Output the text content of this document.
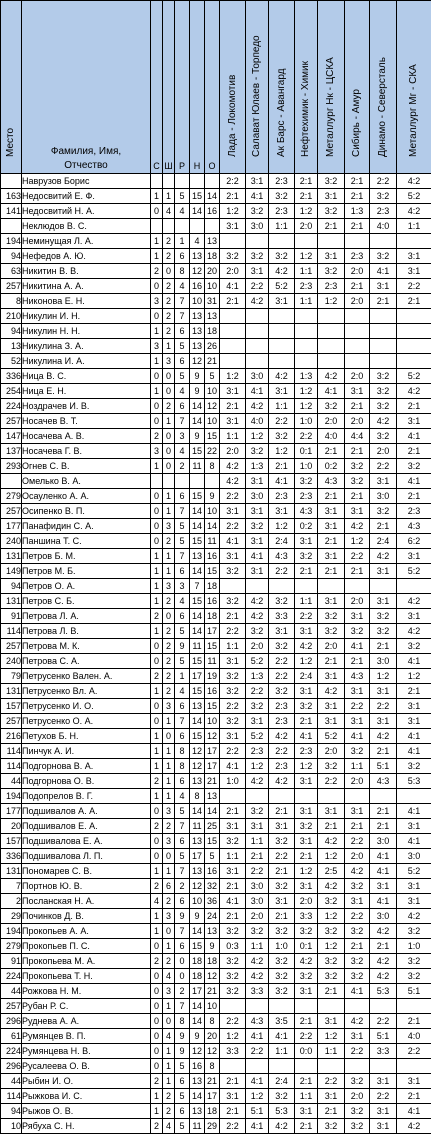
Место	Фамилия, Имя,
Отчество	С	Ш	Р	Н	О	Лада - Локомотив	Салават Юлаев - Торпедо	Ак Барс - Авангард	Нефтехимик - Химик	Металлург Нк - ЦСКА	Сибирь - Амур	Динамо - Северсталь	Металлург Мг - СКА

	Наврузов Борис						2:2	3:1	2:3	2:1	3:2	2:1	2:2	4:2
163	Недосвитий Е. Ф.	1	1	5	15	14	2:1	4:1	3:2	2:1	3:1	2:1	3:2	5:2
141	Недосвитий Н. А.	0	4	4	14	16	1:2	3:2	2:3	1:2	3:2	1:3	2:3	4:2
	Неклюдов В. С.						3:1	3:0	1:1	2:0	2:1	2:1	4:0	1:1
194	Неминущая Л. А.	1	2	1	4	13								
94	Нефедов А. Ю.	1	2	6	13	18	3:2	3:2	3:2	1:2	3:1	2:3	3:2	3:1
63	Никитин В. В.	2	0	8	12	20	2:0	3:1	4:2	1:1	3:2	2:0	4:1	3:1
257	Никитина А. А.	0	2	4	16	10	4:1	2:2	5:2	2:3	2:3	2:1	3:1	2:2
8	Никонова Е. Н.	3	2	7	10	31	2:1	4:2	3:1	1:1	1:2	2:0	2:1	2:1
210	Никулин И. Н.	0	2	7	13	13								
94	Никулин Н. Н.	1	2	6	13	18								
13	Никулина З. А.	3	1	5	13	26								
52	Никулина И. А.	1	3	6	12	21								
336	Ница В. С.	0	0	5	9	5	1:2	3:0	4:2	1:3	4:2	2:0	3:2	5:2
254	Ница Е. Н.	1	0	4	9	10	3:1	4:1	3:1	1:2	4:1	3:1	3:2	4:2
224	Ноздрачев И. В.	0	2	6	14	12	2:1	4:2	1:1	1:2	3:2	2:1	3:2	2:1
257	Носачев В. Т.	0	1	7	14	10	3:1	4:0	2:2	1:0	2:0	2:0	4:2	3:1
147	Носачева А. В.	2	0	3	9	15	1:1	1:2	3:2	2:2	4:0	4:4	3:2	4:1
137	Носачева Г. В.	3	0	4	15	22	2:0	3:2	1:2	0:1	2:1	2:1	2:0	2:1
293	Огнев С. В.	1	0	2	11	8	4:2	1:3	2:1	1:0	0:2	3:2	2:2	3:2
	Омелько В. А.						4:2	3:1	4:1	3:2	4:3	3:2	3:1	4:1
279	Осауленко А. А.	0	1	6	15	9	2:2	3:0	2:3	2:3	2:1	2:1	3:0	2:1
257	Осипенко В. П.	0	1	7	14	10	3:1	3:1	3:1	4:3	3:1	3:1	3:2	2:3
177	Панафидин С. А.	0	3	5	14	14	2:2	3:2	1:2	0:2	3:1	4:2	2:1	4:3
240	Паншина Т. С.	0	2	5	15	11	4:1	3:1	2:4	3:1	2:1	1:2	2:4	6:2
131	Петров Б. М.	1	1	7	13	16	3:1	4:1	4:3	3:2	3:1	2:2	4:2	3:1
149	Петров М. Б.	1	1	6	14	15	3:2	3:1	2:2	2:1	2:1	2:1	3:1	5:2
94	Петров О. А.	1	3	3	7	18								
131	Петров С. Б.	1	2	4	15	16	3:2	4:2	3:2	1:1	3:1	2:0	3:1	4:2
91	Петрова Л. А.	2	0	6	14	18	2:1	4:2	3:3	2:2	3:2	3:1	3:2	3:1
114	Петрова Л. В.	1	2	5	14	17	2:2	3:2	3:1	3:1	3:2	3:2	3:2	4:2
257	Петрова М. К.	0	2	9	11	15	1:1	2:0	3:2	4:2	2:0	4:1	2:1	3:2
240	Петрова С. А.	0	2	5	15	11	3:1	5:2	2:2	1:2	2:1	2:1	3:0	4:1
79	Петрусенко Вален. А.	2	2	1	17	19	3:2	1:3	2:2	2:4	3:1	4:3	1:2	1:2
131	Петрусенко Вл. А.	1	2	4	15	16	3:2	2:2	3:2	3:1	4:2	3:1	3:1	2:1
157	Петрусенко И. О.	0	3	6	13	15	2:2	3:2	2:3	3:2	3:1	2:2	2:2	3:1
257	Петрусенко О. А.	0	1	7	14	10	3:2	3:1	2:3	2:1	3:1	3:1	3:1	3:1
216	Петухов Б. Н.	1	0	6	15	12	3:1	5:2	4:2	4:1	5:2	4:1	4:2	4:1
114	Пинчук А. И.	1	1	8	12	17	2:2	2:3	2:2	2:3	2:0	3:2	2:1	4:1
114	Подгорнова В. А.	1	1	8	12	17	4:1	1:2	2:3	1:2	3:2	1:1	5:1	3:2
44	Подгорнова О. В.	2	1	6	13	21	1:0	4:2	4:2	3:1	2:2	2:0	4:3	5:3
194	Подопрелов В. Г.	1	1	4	8	13								
177	Подшивалов А. А.	0	3	5	14	14	2:1	3:2	2:1	3:1	3:1	3:1	2:1	4:1
20	Подшивалов Е. А.	2	2	7	11	25	3:1	3:1	3:1	3:2	2:1	2:1	2:1	3:1
157	Подшивалова Е. А.	0	3	6	13	15	3:2	1:1	3:2	3:1	4:2	2:2	3:0	4:1
336	Подшивалова Л. П.	0	0	5	17	5	1:1	2:1	2:2	2:1	1:2	2:0	4:1	3:0
131	Пономарев С. В.	1	1	7	13	16	3:1	2:2	2:1	1:2	2:5	4:2	4:1	5:2
7	Портнов Ю. В.	2	6	2	12	32	2:1	3:0	3:2	3:1	4:2	3:2	3:1	3:1
2	Посланская Н. А.	4	2	6	10	36	4:1	3:0	3:1	2:0	3:2	3:1	4:1	3:1
29	Починков Д. В.	1	3	9	9	24	2:1	2:0	2:1	3:3	1:2	2:2	3:0	4:2
194	Прокопьев А. А.	1	0	7	14	13	3:2	3:2	3:2	3:2	3:2	3:2	4:2	3:2
279	Прокопьев П. С.	0	1	6	15	9	0:3	1:1	1:0	0:1	1:2	2:1	2:1	1:0
91	Прокопьева М. А.	2	2	0	18	18	3:2	4:2	3:2	4:2	3:2	3:2	4:2	3:2
224	Прокопьева Т. Н.	0	4	0	18	12	3:2	4:2	3:2	3:2	3:2	3:2	4:2	3:2
44	Рожкова Н. М.	0	3	2	17	21	3:2	3:3	3:2	3:1	2:1	4:1	5:3	5:1
257	Рубан Р. С.	0	1	7	14	10								
296	Руднева А. А.	0	0	8	14	8	2:2	4:3	3:5	2:1	3:1	4:2	2:2	2:1
61	Румянцев В. П.	0	4	9	9	20	1:2	4:1	4:1	2:2	1:2	3:1	5:1	4:0
224	Румянцева Н. В.	0	1	9	12	12	3:3	2:2	1:1	0:0	1:1	2:2	3:3	2:2
296	Русалеева О. В.	0	1	5	16	8								
44	Рыбин И. О.	2	1	6	13	21	2:1	4:1	2:4	2:1	2:2	3:2	3:1	3:1
114	Рыжкова И. С.	1	2	5	14	17	3:1	1:2	3:2	1:1	3:1	2:0	2:2	2:1
94	Рыжов О. В.	1	2	6	13	18	2:1	5:1	5:3	3:1	2:1	3:2	3:1	4:1
10	Рябуха С. Н.	2	4	5	11	29	2:2	4:1	4:2	2:1	3:2	3:2	3:1	4:2
